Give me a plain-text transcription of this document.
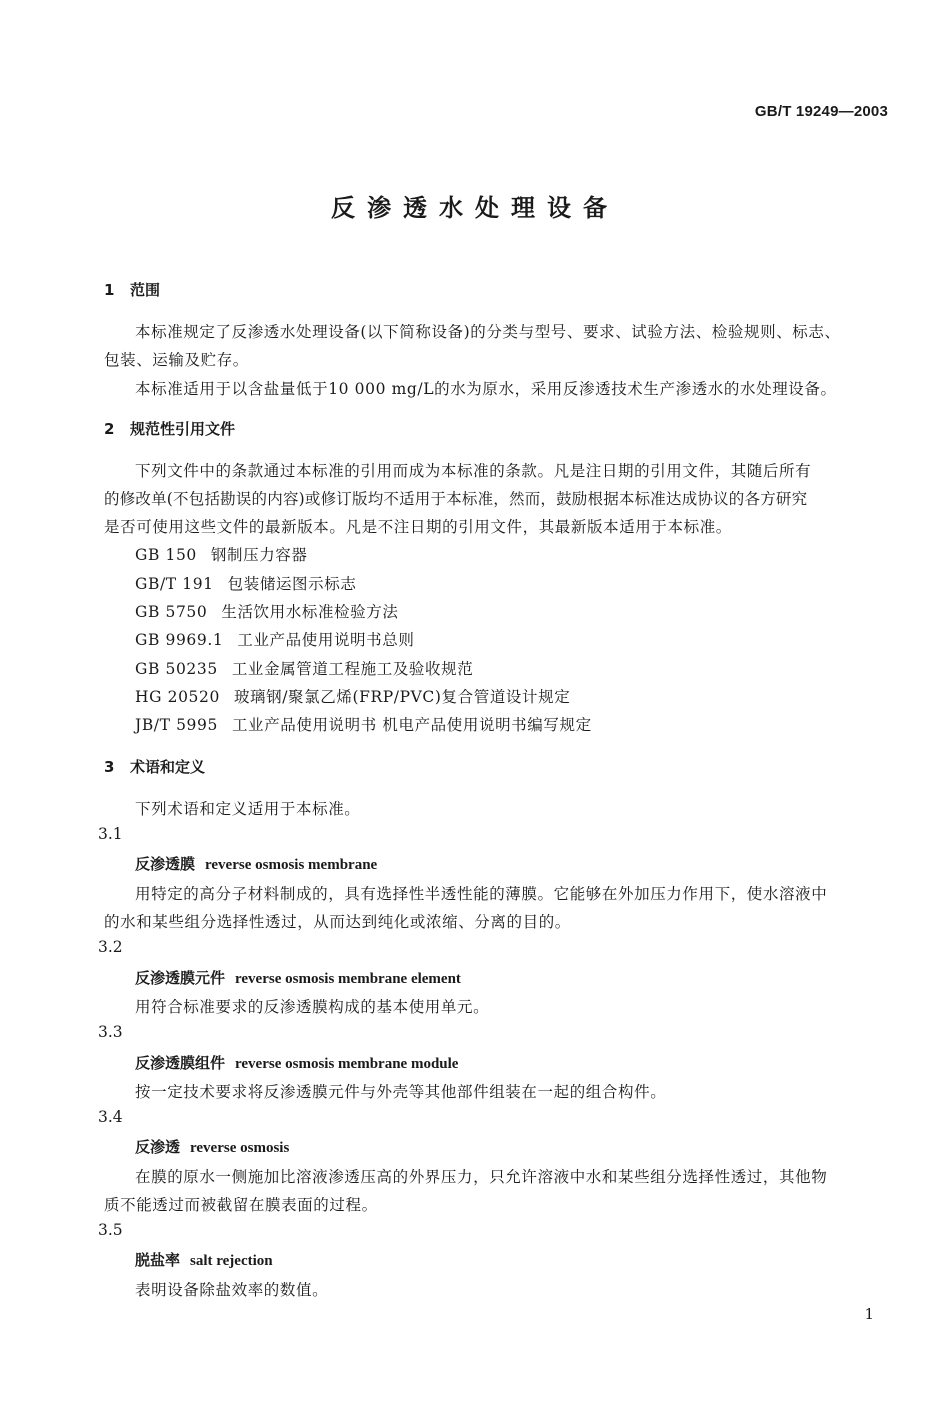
GB/T 19249—2003
反渗透水处理设备
1 范围
本标准规定了反渗透水处理设备(以下简称设备)的分类与型号、要求、试验方法、检验规则、标志、
包装、运输及贮存。
本标准适用于以含盐量低于10 000 mg/L的水为原水，采用反渗透技术生产渗透水的水处理设备。
2 规范性引用文件
下列文件中的条款通过本标准的引用而成为本标准的条款。凡是注日期的引用文件，其随后所有
的修改单(不包括勘误的内容)或修订版均不适用于本标准，然而，鼓励根据本标准达成协议的各方研究
是否可使用这些文件的最新版本。凡是不注日期的引用文件，其最新版本适用于本标准。
GB 150 钢制压力容器
GB/T 191 包装储运图示标志
GB 5750 生活饮用水标准检验方法
GB 9969.1 工业产品使用说明书总则
GB 50235 工业金属管道工程施工及验收规范
HG 20520 玻璃钢/聚氯乙烯(FRP/PVC)复合管道设计规定
JB/T 5995 工业产品使用说明书 机电产品使用说明书编写规定
3 术语和定义
下列术语和定义适用于本标准。
3.1
反渗透膜 reverse osmosis membrane
用特定的高分子材料制成的，具有选择性半透性能的薄膜。它能够在外加压力作用下，使水溶液中
的水和某些组分选择性透过，从而达到纯化或浓缩、分离的目的。
3.2
反渗透膜元件 reverse osmosis membrane element
用符合标准要求的反渗透膜构成的基本使用单元。
3.3
反渗透膜组件 reverse osmosis membrane module
按一定技术要求将反渗透膜元件与外壳等其他部件组装在一起的组合构件。
3.4
反渗透 reverse osmosis
在膜的原水一侧施加比溶液渗透压高的外界压力，只允许溶液中水和某些组分选择性透过，其他物
质不能透过而被截留在膜表面的过程。
3.5
脱盐率 salt rejection
表明设备除盐效率的数值。
1
